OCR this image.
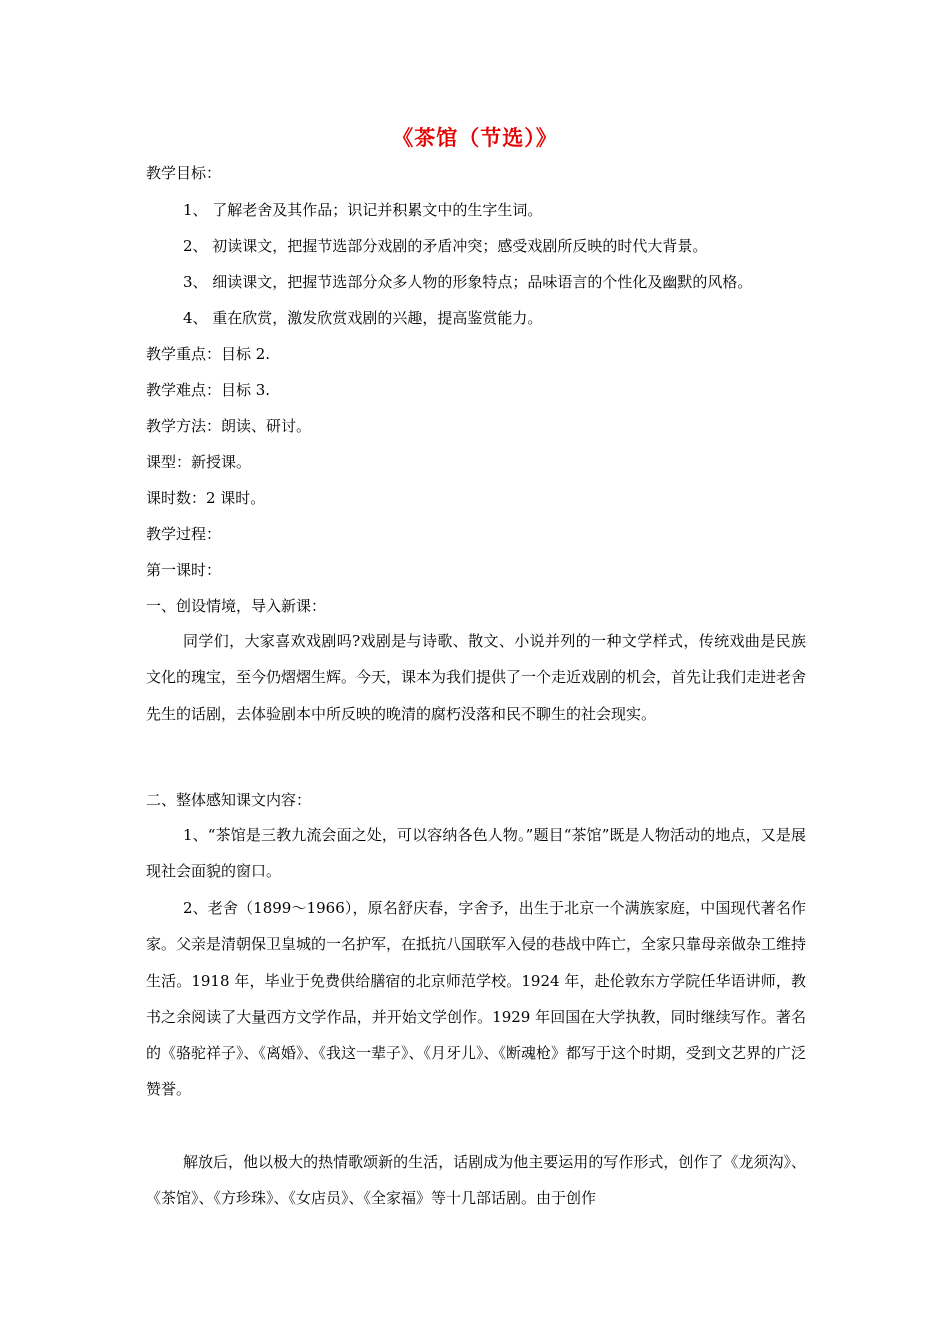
《茶馆（节选）》
教学目标：
1、 了解老舍及其作品；识记并积累文中的生字生词。
2、 初读课文，把握节选部分戏剧的矛盾冲突；感受戏剧所反映的时代大背景。
3、 细读课文，把握节选部分众多人物的形象特点；品味语言的个性化及幽默的风格。
4、 重在欣赏，激发欣赏戏剧的兴趣，提高鉴赏能力。
教学重点：目标 2.
教学难点：目标 3.
教学方法：朗读、研讨。
课型：新授课。
课时数：2 课时。
教学过程：
第一课时：
一、创设情境，导入新课：
同学们，大家喜欢戏剧吗?戏剧是与诗歌、散文、小说并列的一种文学样式，传统戏曲是民族文化的瑰宝，至今仍熠熠生辉。今天，课本为我们提供了一个走近戏剧的机会，首先让我们走进老舍先生的话剧，去体验剧本中所反映的晚清的腐朽没落和民不聊生的社会现实。
二、整体感知课文内容：
1、“茶馆是三教九流会面之处，可以容纳各色人物。”题目“茶馆”既是人物活动的地点，又是展现社会面貌的窗口。
2、老舍（1899～1966），原名舒庆春，字舍予，出生于北京一个满族家庭，中国现代著名作家。父亲是清朝保卫皇城的一名护军，在抵抗八国联军入侵的巷战中阵亡，全家只靠母亲做杂工维持生活。1918 年，毕业于免费供给膳宿的北京师范学校。1924 年，赴伦敦东方学院任华语讲师，教书之余阅读了大量西方文学作品，并开始文学创作。1929 年回国在大学执教，同时继续写作。著名的《骆驼祥子》、《离婚》、《我这一辈子》、《月牙儿》、《断魂枪》都写于这个时期，受到文艺界的广泛赞誉。
解放后，他以极大的热情歌颂新的生活，话剧成为他主要运用的写作形式，创作了《龙须沟》、《茶馆》、《方珍珠》、《女店员》、《全家福》等十几部话剧。由于创作
